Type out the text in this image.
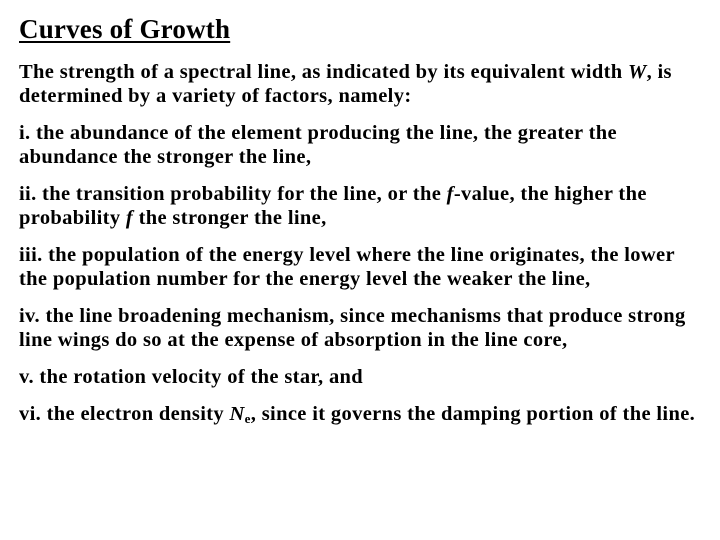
Curves of Growth

The strength of a spectral line, as indicated by its equivalent width W, is determined by a variety of factors, namely:

i. the abundance of the element producing the line, the greater the abundance the stronger the line,

ii. the transition probability for the line, or the f-value, the higher the probability f the stronger the line,

iii. the population of the energy level where the line originates, the lower the population number for the energy level the weaker the line,

iv. the line broadening mechanism, since mechanisms that produce strong line wings do so at the expense of absorption in the line core,

v. the rotation velocity of the star, and

vi. the electron density $N_e$, since it governs the damping portion of the line.
